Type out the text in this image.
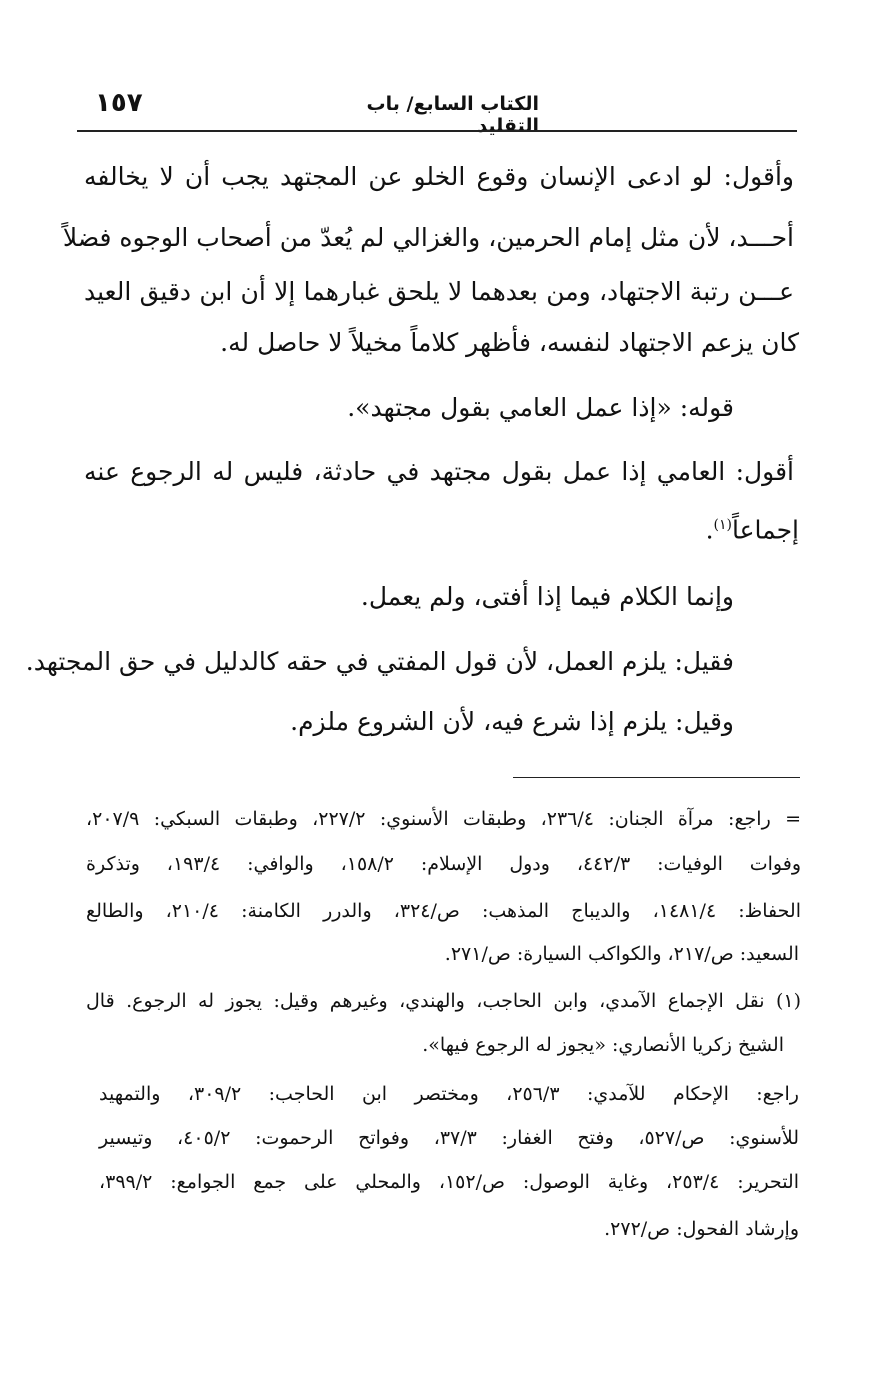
الكتاب السابع/ باب التقليد
١٥٧
وأقول: لو ادعى الإنسان وقوع الخلو عن المجتهد يجب أن لا يخالفه
أحـــد، لأن مثل إمام الحرمين، والغزالي لم يُعدّ من أصحاب الوجوه فضلاً
عـــن رتبة الاجتهاد، ومن بعدهما لا يلحق غبارهما إلا أن ابن دقيق العيد
كان يزعم الاجتهاد لنفسه، فأظهر كلاماً مخيلاً لا حاصل له.
قوله: «إذا عمل العامي بقول مجتهد».
أقول: العامي إذا عمل بقول مجتهد في حادثة، فليس له الرجوع عنه
إجماعاً$^{(١)}$.
وإنما الكلام فيما إذا أفتى، ولم يعمل.
فقيل: يلزم العمل، لأن قول المفتي في حقه كالدليل في حق المجتهد.
وقيل: يلزم إذا شرع فيه، لأن الشروع ملزم.
= راجع: مرآة الجنان: ٢٣٦/٤، وطبقات الأسنوي: ٢٢٧/٢، وطبقات السبكي: ٢٠٧/٩،
وفوات الوفيات: ٤٤٢/٣، ودول الإسلام: ١٥٨/٢، والوافي: ١٩٣/٤، وتذكرة
الحفاظ: ١٤٨١/٤، والديباج المذهب: ص/٣٢٤، والدرر الكامنة: ٢١٠/٤، والطالع
السعيد: ص/٢١٧، والكواكب السيارة: ص/٢٧١.
(١) نقل الإجماع الآمدي، وابن الحاجب، والهندي، وغيرهم وقيل: يجوز له الرجوع. قال
الشيخ زكريا الأنصاري: «يجوز له الرجوع فيها».
راجع: الإحكام للآمدي: ٢٥٦/٣، ومختصر ابن الحاجب: ٣٠٩/٢، والتمهيد
للأسنوي: ص/٥٢٧، وفتح الغفار: ٣٧/٣، وفواتح الرحموت: ٤٠٥/٢، وتيسير
التحرير: ٢٥٣/٤، وغاية الوصول: ص/١٥٢، والمحلي على جمع الجوامع: ٣٩٩/٢،
وإرشاد الفحول: ص/٢٧٢.
